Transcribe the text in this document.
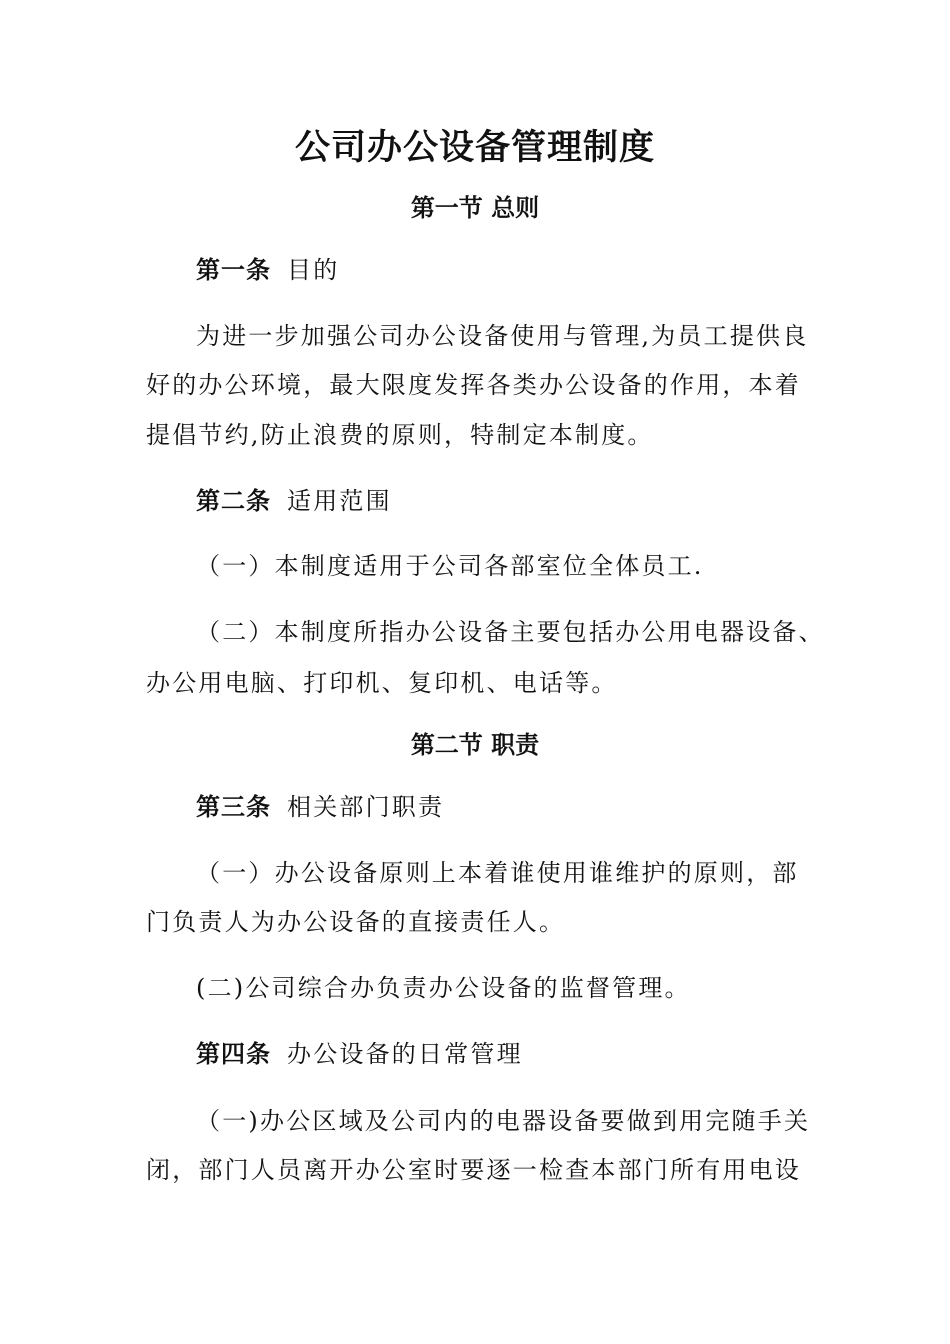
公司办公设备管理制度
第一节 总则
第一条 目的
为进一步加强公司办公设备使用与管理,为员工提供良
好的办公环境，最大限度发挥各类办公设备的作用，本着
提倡节约,防止浪费的原则，特制定本制度。
第二条 适用范围
（一）本制度适用于公司各部室位全体员工.
（二）本制度所指办公设备主要包括办公用电器设备、
办公用电脑、打印机、复印机、电话等。
第二节 职责
第三条 相关部门职责
（一）办公设备原则上本着谁使用谁维护的原则，部
门负责人为办公设备的直接责任人。
(二)公司综合办负责办公设备的监督管理。
第四条 办公设备的日常管理
（一)办公区域及公司内的电器设备要做到用完随手关
闭，部门人员离开办公室时要逐一检查本部门所有用电设
